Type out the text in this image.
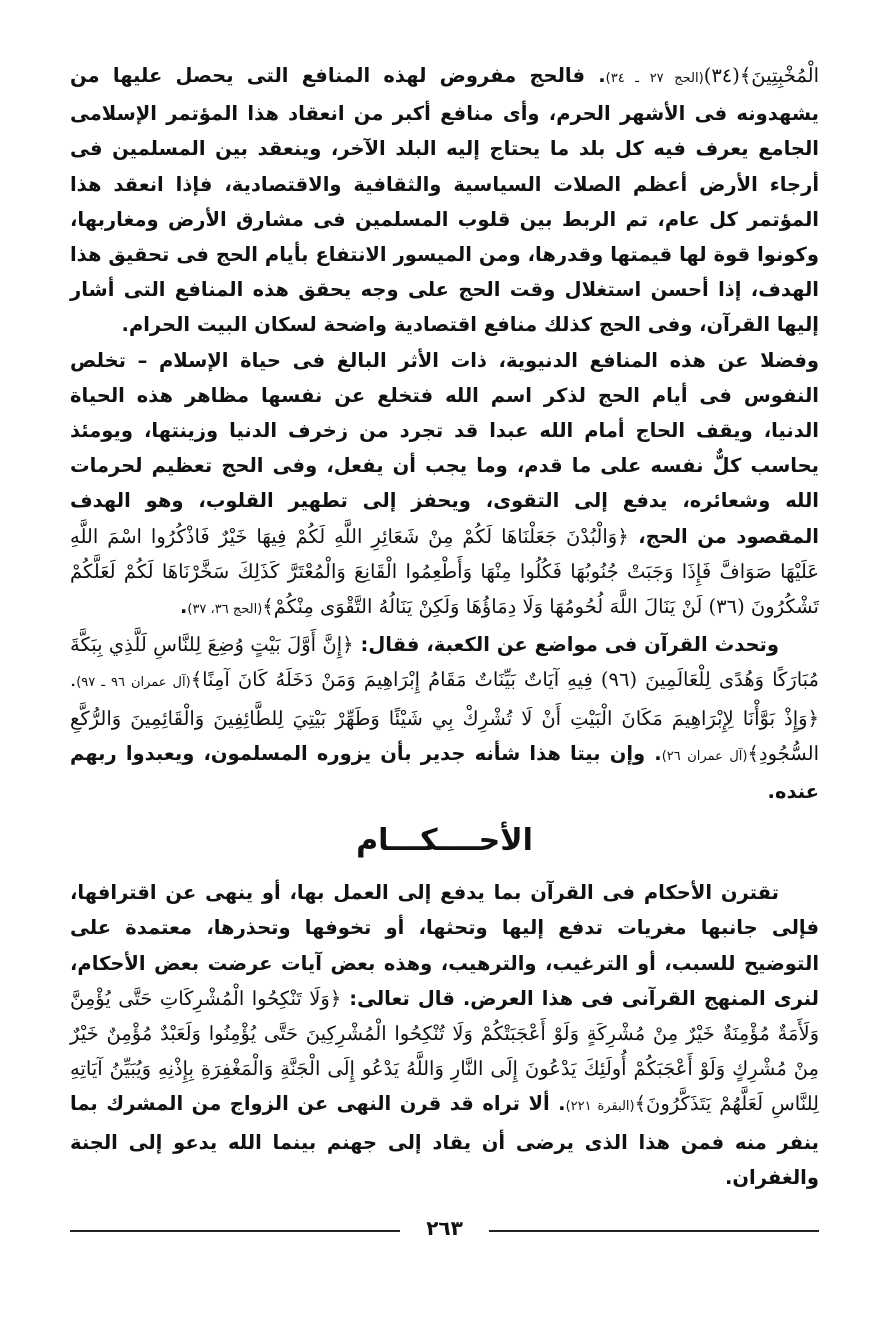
الْمُخْبِتِينَ﴾(٣٤)(الحج ٢٧ ـ ٣٤). فالحج مفروض لهذه المنافع التى يحصل عليها من يشهدونه فى الأشهر الحرم، وأى منافع أكبر من انعقاد هذا المؤتمر الإسلامى الجامع يعرف فيه كل بلد ما يحتاج إليه البلد الآخر، وينعقد بين المسلمين فى أرجاء الأرض أعظم الصلات السياسية والثقافية والاقتصادية، فإذا انعقد هذا المؤتمر كل عام، تم الربط بين قلوب المسلمين فى مشارق الأرض ومغاربها، وكونوا قوة لها قيمتها وقدرها، ومن الميسور الانتفاع بأيام الحج فى تحقيق هذا الهدف، إذا أحسن استغلال وقت الحج على وجه يحقق هذه المنافع التى أشار إليها القرآن، وفى الحج كذلك منافع اقتصادية واضحة لسكان البيت الحرام.

وفضلا عن هذه المنافع الدنيوية، ذات الأثر البالغ فى حياة الإسلام – تخلص النفوس فى أيام الحج لذكر اسم الله فتخلع عن نفسها مظاهر هذه الحياة الدنيا، ويقف الحاج أمام الله عبدا قد تجرد من زخرف الدنيا وزينتها، ويومئذ يحاسب كلٌّ نفسه على ما قدم، وما يجب أن يفعل، وفى الحج تعظيم لحرمات الله وشعائره، يدفع إلى التقوى، ويحفز إلى تطهير القلوب، وهو الهدف المقصود من الحج، ﴿وَالْبُدْنَ جَعَلْنَاهَا لَكُمْ مِنْ شَعَائِرِ اللَّهِ لَكُمْ فِيهَا خَيْرٌ فَاذْكُرُوا اسْمَ اللَّهِ عَلَيْهَا صَوَافَّ فَإِذَا وَجَبَتْ جُنُوبُهَا فَكُلُوا مِنْهَا وَأَطْعِمُوا الْقَانِعَ وَالْمُعْتَرَّ كَذَلِكَ سَخَّرْنَاهَا لَكُمْ لَعَلَّكُمْ تَشْكُرُونَ (٣٦) لَنْ يَنَالَ اللَّهَ لُحُومُهَا وَلَا دِمَاؤُهَا وَلَكِنْ يَنَالُهُ التَّقْوَى مِنْكُمْ﴾(الحج ٣٦، ٣٧).

وتحدث القرآن فى مواضع عن الكعبة، فقال: ﴿إِنَّ أَوَّلَ بَيْتٍ وُضِعَ لِلنَّاسِ لَلَّذِي بِبَكَّةَ مُبَارَكًا وَهُدًى لِلْعَالَمِينَ (٩٦) فِيهِ آيَاتٌ بَيِّنَاتٌ مَقَامُ إِبْرَاهِيمَ وَمَنْ دَخَلَهُ كَانَ آمِنًا﴾(آل عمران ٩٦ ـ ٩٧). ﴿وَإِذْ بَوَّأْنَا لِإِبْرَاهِيمَ مَكَانَ الْبَيْتِ أَنْ لَا تُشْرِكْ بِي شَيْئًا وَطَهِّرْ بَيْتِيَ لِلطَّائِفِينَ وَالْقَائِمِينَ وَالرُّكَّعِ السُّجُودِ﴾(آل عمران ٢٦). وإن بيتا هذا شأنه جدير بأن يزوره المسلمون، ويعبدوا ربهم عنده.

الأحــــكـــام

تقترن الأحكام فى القرآن بما يدفع إلى العمل بها، أو ينهى عن اقترافها، فإلى جانبها مغريات تدفع إليها وتحثها، أو تخوفها وتحذرها، معتمدة على التوضيح للسبب، أو الترغيب، والترهيب، وهذه بعض آيات عرضت بعض الأحكام، لنرى المنهج القرآنى فى هذا العرض. قال تعالى: ﴿وَلَا تَنْكِحُوا الْمُشْرِكَاتِ حَتَّى يُؤْمِنَّ وَلَأَمَةٌ مُؤْمِنَةٌ خَيْرٌ مِنْ مُشْرِكَةٍ وَلَوْ أَعْجَبَتْكُمْ وَلَا تُنْكِحُوا الْمُشْرِكِينَ حَتَّى يُؤْمِنُوا وَلَعَبْدٌ مُؤْمِنٌ خَيْرٌ مِنْ مُشْرِكٍ وَلَوْ أَعْجَبَكُمْ أُولَئِكَ يَدْعُونَ إِلَى النَّارِ وَاللَّهُ يَدْعُو إِلَى الْجَنَّةِ وَالْمَغْفِرَةِ بِإِذْنِهِ وَيُبَيِّنُ آيَاتِهِ لِلنَّاسِ لَعَلَّهُمْ يَتَذَكَّرُونَ﴾(البقرة ٢٢١). ألا تراه قد قرن النهى عن الزواج من المشرك بما ينفر منه فمن هذا الذى يرضى أن يقاد إلى جهنم بينما الله يدعو إلى الجنة والغفران.

٢٦٣
